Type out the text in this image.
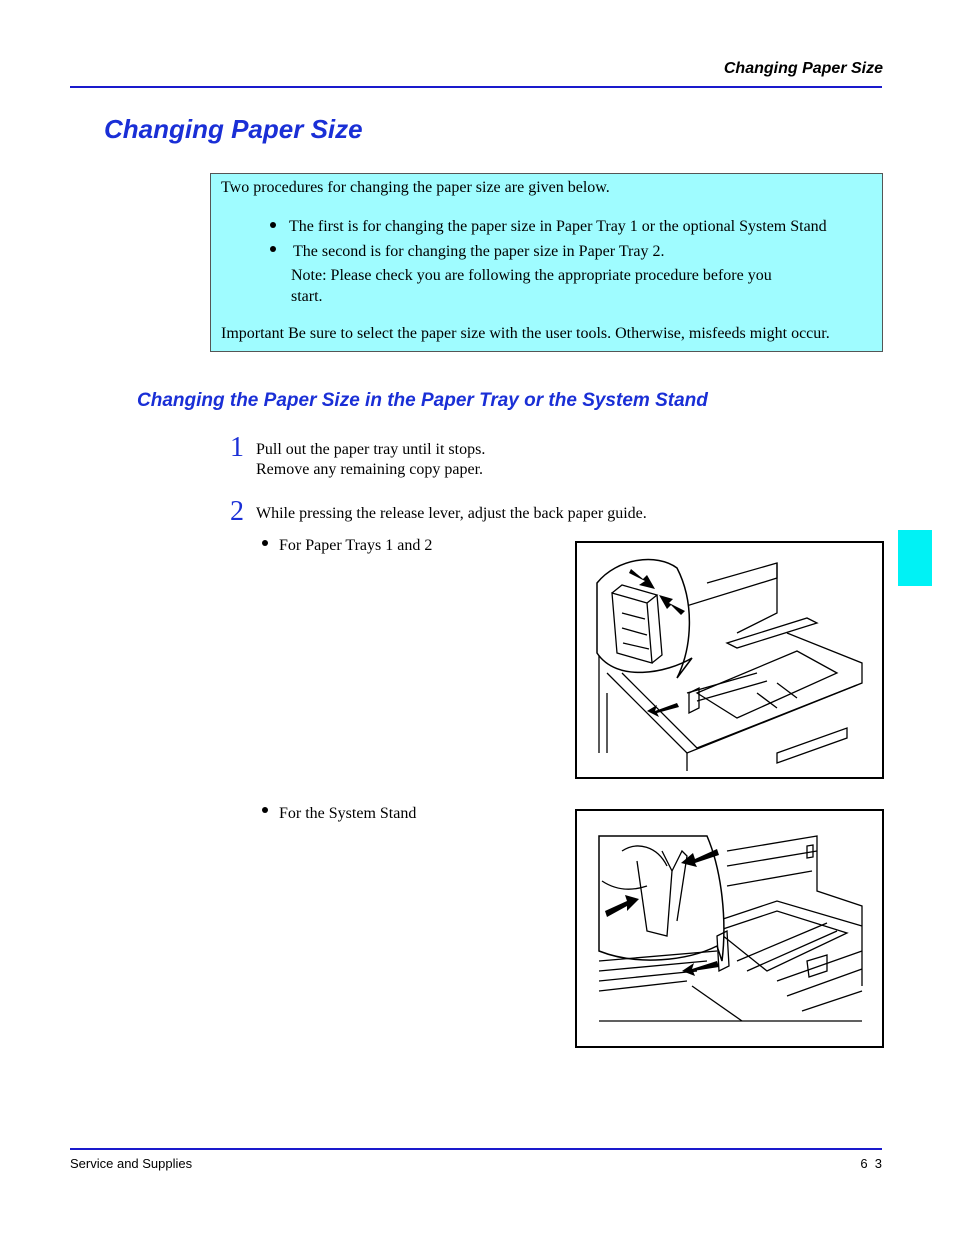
Changing Paper Size
Changing Paper Size
Two procedures for changing the paper size are given below.
The first is for changing the paper size in Paper Tray 1 or the optional System Stand
The second is for changing the paper size in Paper Tray 2.
Note: Please check you are following the appropriate procedure before you
start.
Important Be sure to select the paper size with the user tools. Otherwise, misfeeds might occur.
Changing the Paper Size in the Paper Tray or the System Stand
1 Pull out the paper tray until it stops.
Remove any remaining copy paper.
2 While pressing the release lever, adjust the back paper guide.
For Paper Trays 1 and 2
For the System Stand
Service and Supplies	6  3
